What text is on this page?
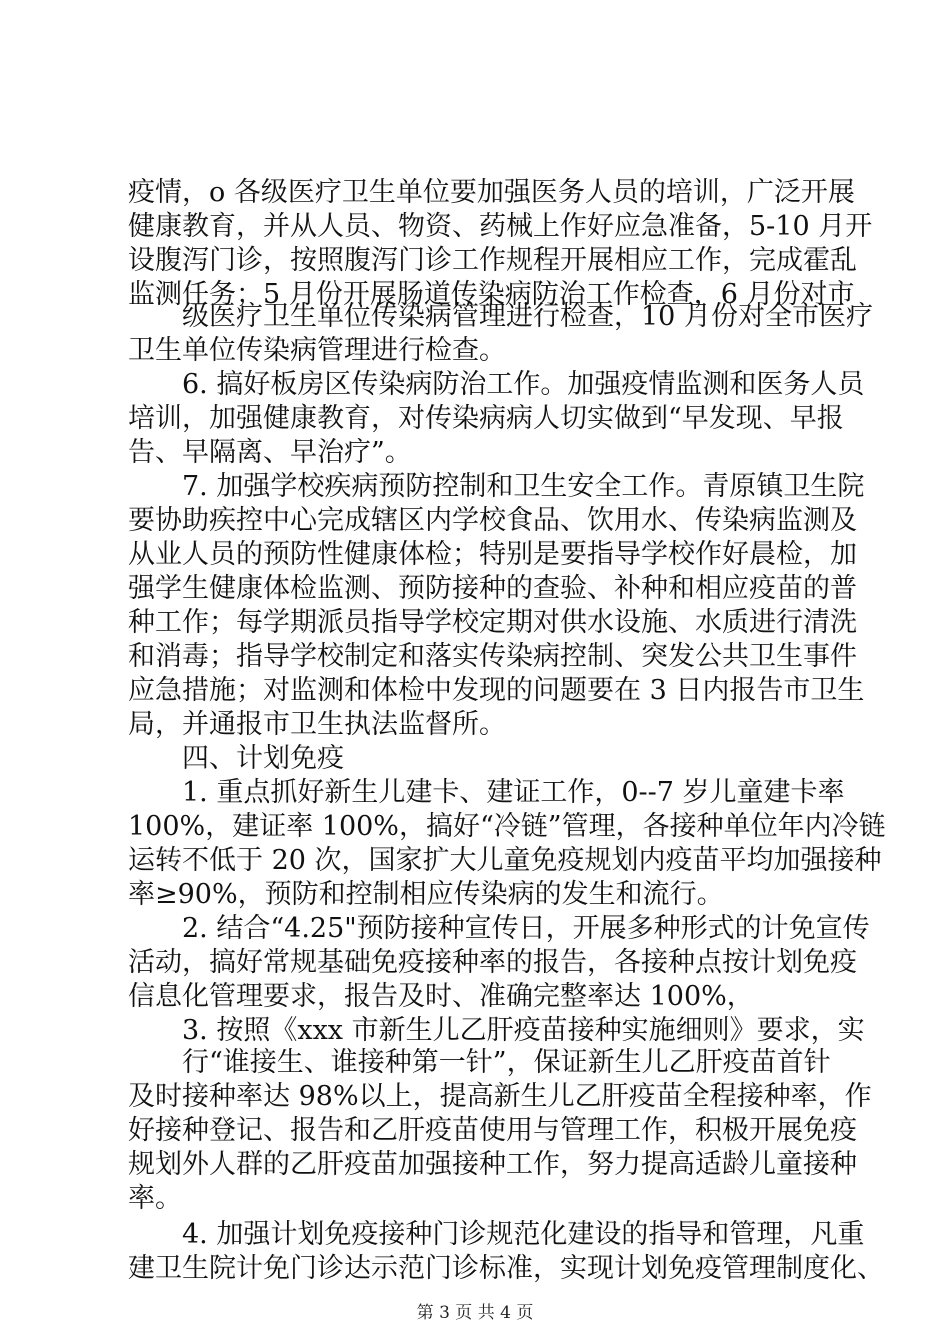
疫情，o 各级医疗卫生单位要加强医务人员的培训，广泛开展
健康教育，并从人员、物资、药械上作好应急准备，5-10 月开
设腹泻门诊，按照腹泻门诊工作规程开展相应工作，完成霍乱
监测任务；5 月份开展肠道传染病防治工作检查，6 月份对市
级医疗卫生单位传染病管理进行检查，10 月份对全市医疗
卫生单位传染病管理进行检查。
6. 搞好板房区传染病防治工作。加强疫情监测和医务人员
培训，加强健康教育，对传染病病人切实做到“早发现、早报
告、早隔离、早治疗”。
7. 加强学校疾病预防控制和卫生安全工作。青原镇卫生院
要协助疾控中心完成辖区内学校食品、饮用水、传染病监测及
从业人员的预防性健康体检；特别是要指导学校作好晨检，加
强学生健康体检监测、预防接种的查验、补种和相应疫苗的普
种工作；每学期派员指导学校定期对供水设施、水质进行清洗
和消毒；指导学校制定和落实传染病控制、突发公共卫生事件
应急措施；对监测和体检中发现的问题要在 3 日内报告市卫生
局，并通报市卫生执法监督所。
四、计划免疫
1. 重点抓好新生儿建卡、建证工作，0--7 岁儿童建卡率
100%，建证率 100%，搞好“冷链”管理，各接种单位年内冷链
运转不低于 20 次，国家扩大儿童免疫规划内疫苗平均加强接种
率≥90%，预防和控制相应传染病的发生和流行。
2. 结合“4.25"预防接种宣传日，开展多种形式的计免宣传
活动，搞好常规基础免疫接种率的报告，各接种点按计划免疫
信息化管理要求，报告及时、准确完整率达 100%，
3. 按照《xxx 市新生儿乙肝疫苗接种实施细则》要求，实
行“谁接生、谁接种第一针”，保证新生儿乙肝疫苗首针
及时接种率达 98%以上，提高新生儿乙肝疫苗全程接种率，作
好接种登记、报告和乙肝疫苗使用与管理工作，积极开展免疫
规划外人群的乙肝疫苗加强接种工作，努力提高适龄儿童接种
率。
4. 加强计划免疫接种门诊规范化建设的指导和管理，凡重
建卫生院计免门诊达示范门诊标准，实现计划免疫管理制度化、
第 3 页 共 4 页
